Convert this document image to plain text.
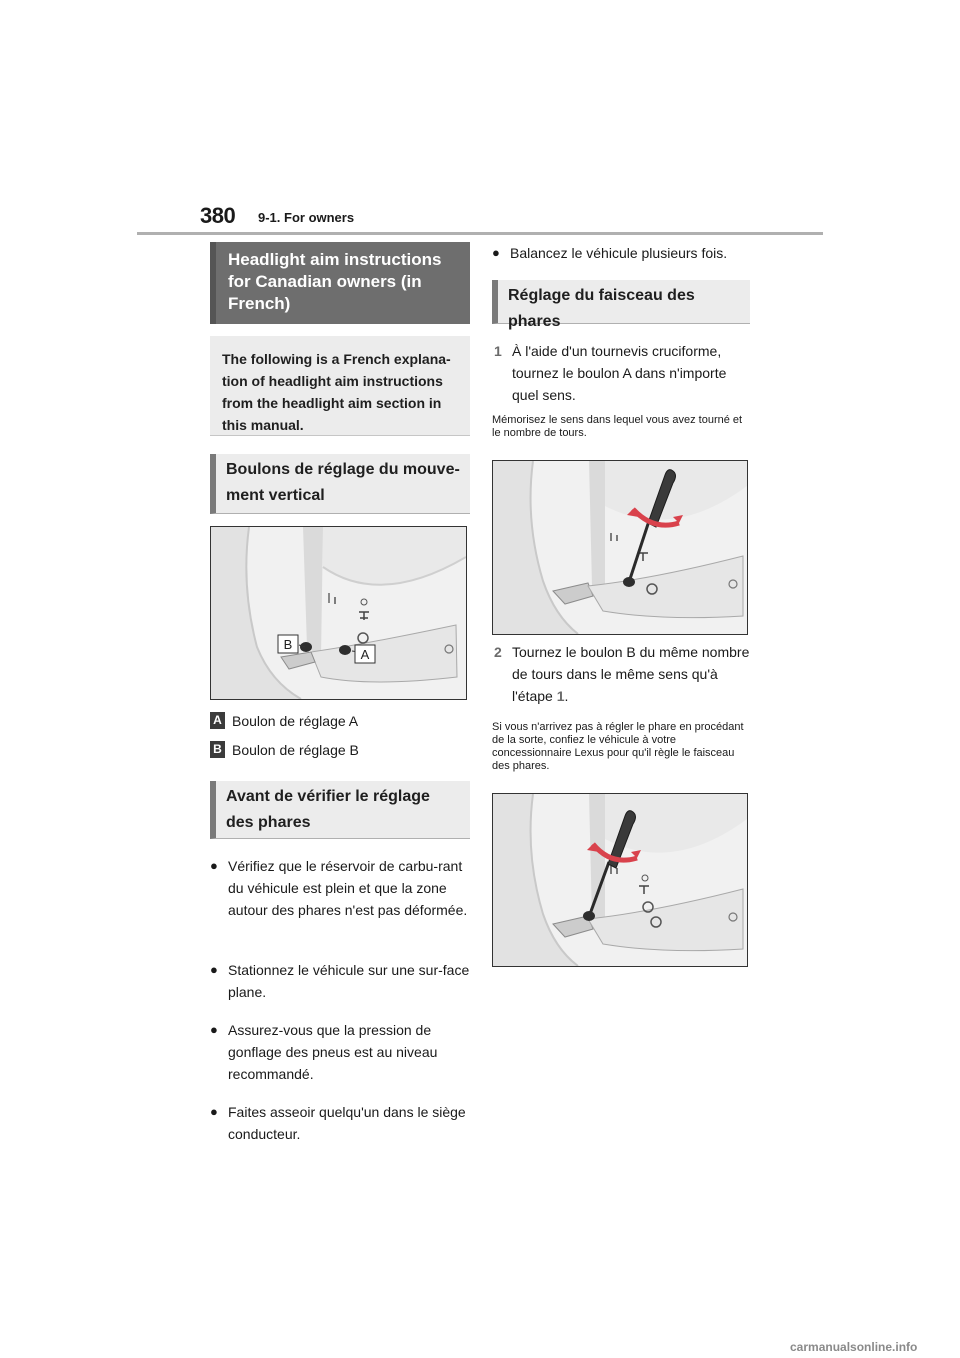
380 9-1. For owners
Headlight aim instructions for Canadian owners (in French)
The following is a French explana-tion of headlight aim instructions from the headlight aim section in this manual.
Boulons de réglage du mouve-ment vertical
B
A
A Boulon de réglage A
B Boulon de réglage B
Avant de vérifier le réglage des phares
● Vérifiez que le réservoir de carbu-rant du véhicule est plein et que la zone autour des phares n'est pas déformée.
● Stationnez le véhicule sur une sur-face plane.
● Assurez-vous que la pression de gonflage des pneus est au niveau recommandé.
● Faites asseoir quelqu'un dans le siège conducteur.
● Balancez le véhicule plusieurs fois.
Réglage du faisceau des phares
1 À l'aide d'un tournevis cruciforme, tournez le boulon A dans n'importe quel sens.
Mémorisez le sens dans lequel vous avez tourné et le nombre de tours.
2 Tournez le boulon B du même nombre de tours dans le même sens qu'à l'étape 1.
Si vous n'arrivez pas à régler le phare en procédant de la sorte, confiez le véhicule à votre concessionnaire Lexus pour qu'il règle le faisceau des phares.
carmanualsonline.info
